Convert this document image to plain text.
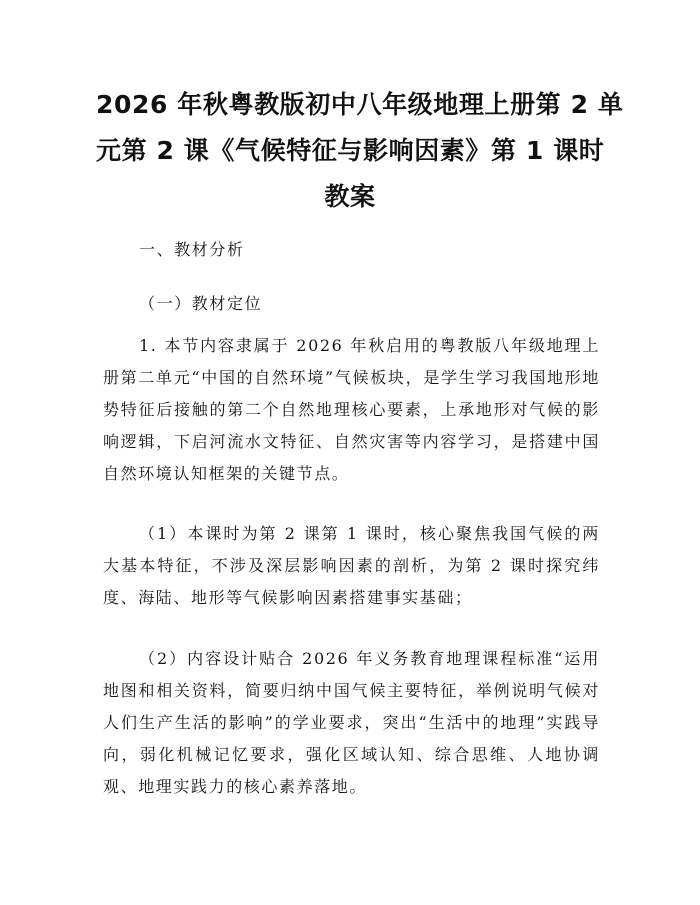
2026 年秋粤教版初中八年级地理上册第 2 单
元第 2 课《气候特征与影响因素》第 1 课时
教案
一、教材分析
（一）教材定位
1. 本节内容隶属于 2026 年秋启用的粤教版八年级地理上册第二单元“中国的自然环境”气候板块，是学生学习我国地形地势特征后接触的第二个自然地理核心要素，上承地形对气候的影响逻辑，下启河流水文特征、自然灾害等内容学习，是搭建中国自然环境认知框架的关键节点。
（1）本课时为第 2 课第 1 课时，核心聚焦我国气候的两大基本特征，不涉及深层影响因素的剖析，为第 2 课时探究纬度、海陆、地形等气候影响因素搭建事实基础；
（2）内容设计贴合 2026 年义务教育地理课程标准“运用地图和相关资料，简要归纳中国气候主要特征，举例说明气候对人们生产生活的影响”的学业要求，突出“生活中的地理”实践导向，弱化机械记忆要求，强化区域认知、综合思维、人地协调观、地理实践力的核心素养落地。
